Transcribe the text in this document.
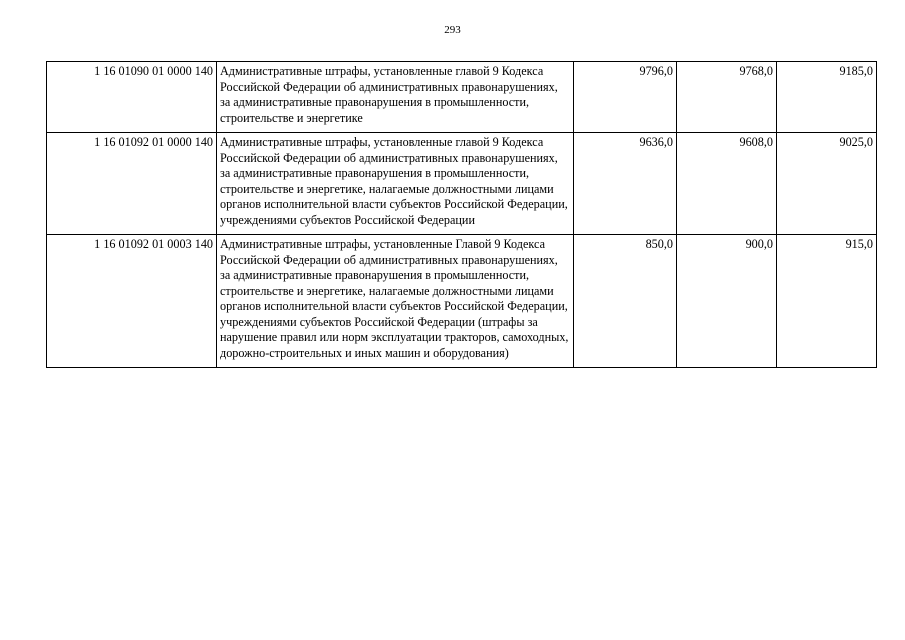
293
1 16 01090 01 0000 140	Административные штрафы, установленные главой 9 Кодекса Российской Федерации об административных правонарушениях, за административные правонарушения в промышленности, строительстве и энергетике	9796,0	9768,0	9185,0
1 16 01092 01 0000 140	Административные штрафы, установленные главой 9 Кодекса Российской Федерации об административных правонарушениях, за административные правонарушения в промышленности, строительстве и энергетике, налагаемые должностными лицами органов исполнительной власти субъектов Российской Федерации, учреждениями субъектов Российской Федерации	9636,0	9608,0	9025,0
1 16 01092 01 0003 140	Административные штрафы, установленные Главой 9 Кодекса Российской Федерации об административных правонарушениях, за административные правонарушения в промышленности, строительстве и энергетике, налагаемые должностными лицами органов исполнительной власти субъектов Российской Федерации, учреждениями субъектов Российской Федерации (штрафы за нарушение правил или норм эксплуатации тракторов, самоходных, дорожно-строительных и иных машин и оборудования)	850,0	900,0	915,0
